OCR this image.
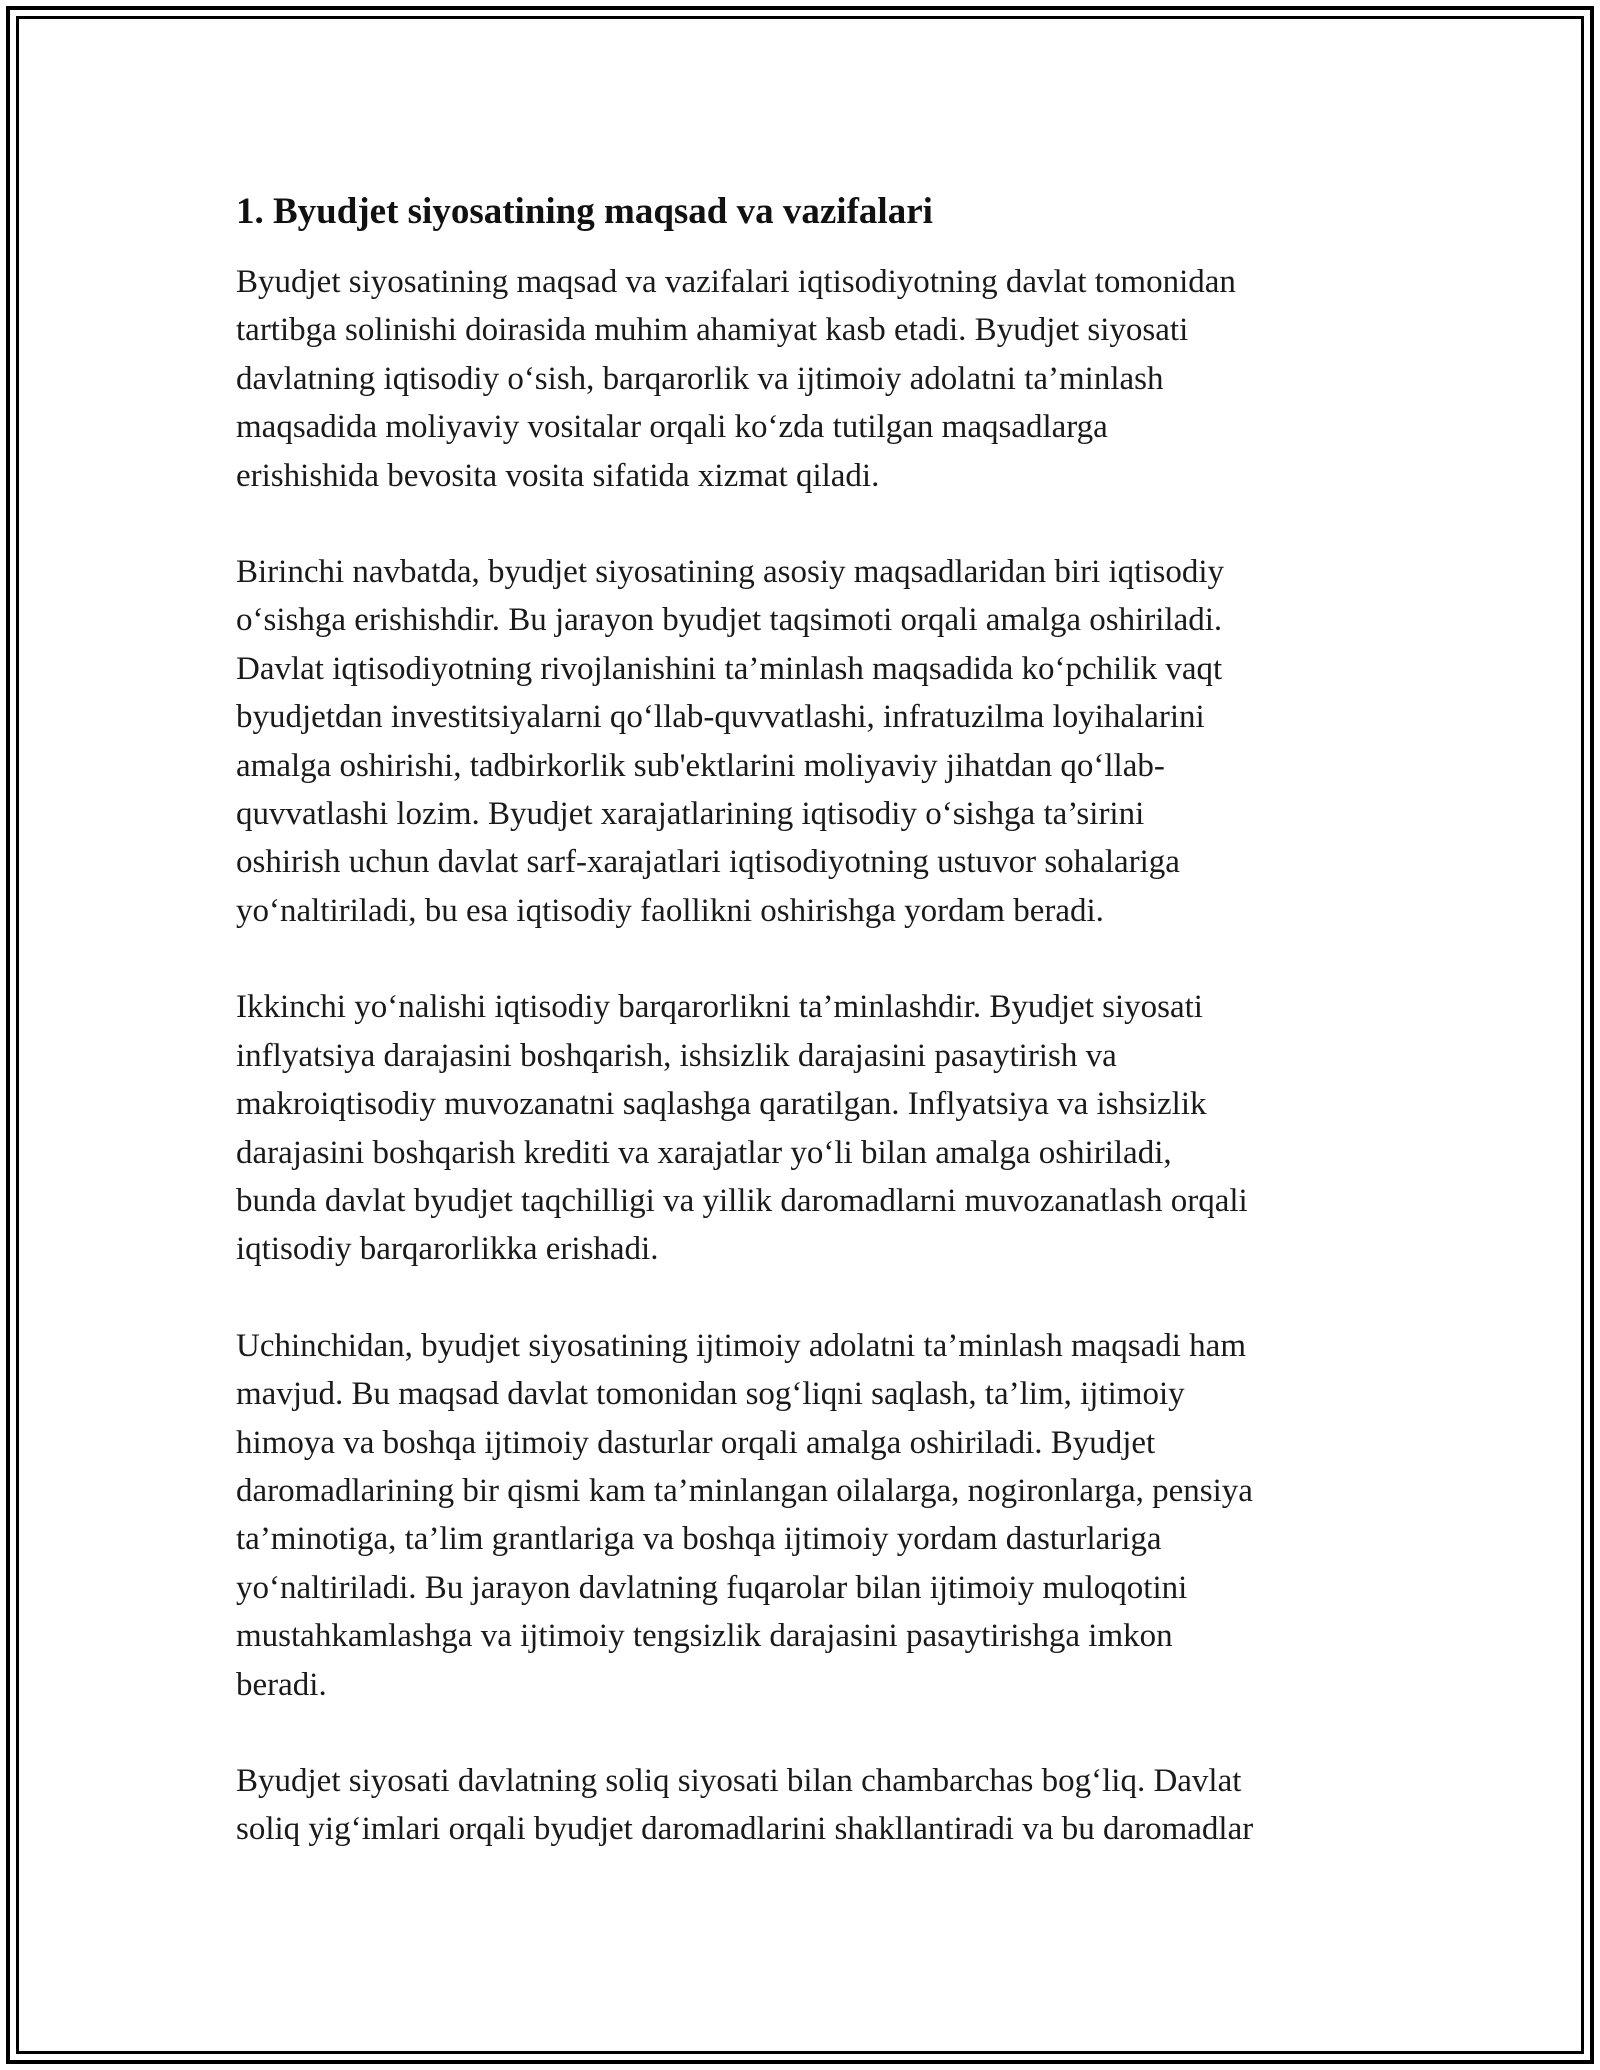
1. Byudjet siyosatining maqsad va vazifalari

Byudjet siyosatining maqsad va vazifalari iqtisodiyotning davlat tomonidan
tartibga solinishi doirasida muhim ahamiyat kasb etadi. Byudjet siyosati
davlatning iqtisodiy o‘sish, barqarorlik va ijtimoiy adolatni ta’minlash
maqsadida moliyaviy vositalar orqali ko‘zda tutilgan maqsadlarga
erishishida bevosita vosita sifatida xizmat qiladi.

Birinchi navbatda, byudjet siyosatining asosiy maqsadlaridan biri iqtisodiy
o‘sishga erishishdir. Bu jarayon byudjet taqsimoti orqali amalga oshiriladi.
Davlat iqtisodiyotning rivojlanishini ta’minlash maqsadida ko‘pchilik vaqt
byudjetdan investitsiyalarni qo‘llab-quvvatlashi, infratuzilma loyihalarini
amalga oshirishi, tadbirkorlik sub'ektlarini moliyaviy jihatdan qo‘llab-
quvvatlashi lozim. Byudjet xarajatlarining iqtisodiy o‘sishga ta’sirini
oshirish uchun davlat sarf-xarajatlari iqtisodiyotning ustuvor sohalariga
yo‘naltiriladi, bu esa iqtisodiy faollikni oshirishga yordam beradi.

Ikkinchi yo‘nalishi iqtisodiy barqarorlikni ta’minlashdir. Byudjet siyosati
inflyatsiya darajasini boshqarish, ishsizlik darajasini pasaytirish va
makroiqtisodiy muvozanatni saqlashga qaratilgan. Inflyatsiya va ishsizlik
darajasini boshqarish krediti va xarajatlar yo‘li bilan amalga oshiriladi,
bunda davlat byudjet taqchilligi va yillik daromadlarni muvozanatlash orqali
iqtisodiy barqarorlikka erishadi.

Uchinchidan, byudjet siyosatining ijtimoiy adolatni ta’minlash maqsadi ham
mavjud. Bu maqsad davlat tomonidan sog‘liqni saqlash, ta’lim, ijtimoiy
himoya va boshqa ijtimoiy dasturlar orqali amalga oshiriladi. Byudjet
daromadlarining bir qismi kam ta’minlangan oilalarga, nogironlarga, pensiya
ta’minotiga, ta’lim grantlariga va boshqa ijtimoiy yordam dasturlariga
yo‘naltiriladi. Bu jarayon davlatning fuqarolar bilan ijtimoiy muloqotini
mustahkamlashga va ijtimoiy tengsizlik darajasini pasaytirishga imkon
beradi.

Byudjet siyosati davlatning soliq siyosati bilan chambarchas bog‘liq. Davlat
soliq yig‘imlari orqali byudjet daromadlarini shakllantiradi va bu daromadlar
